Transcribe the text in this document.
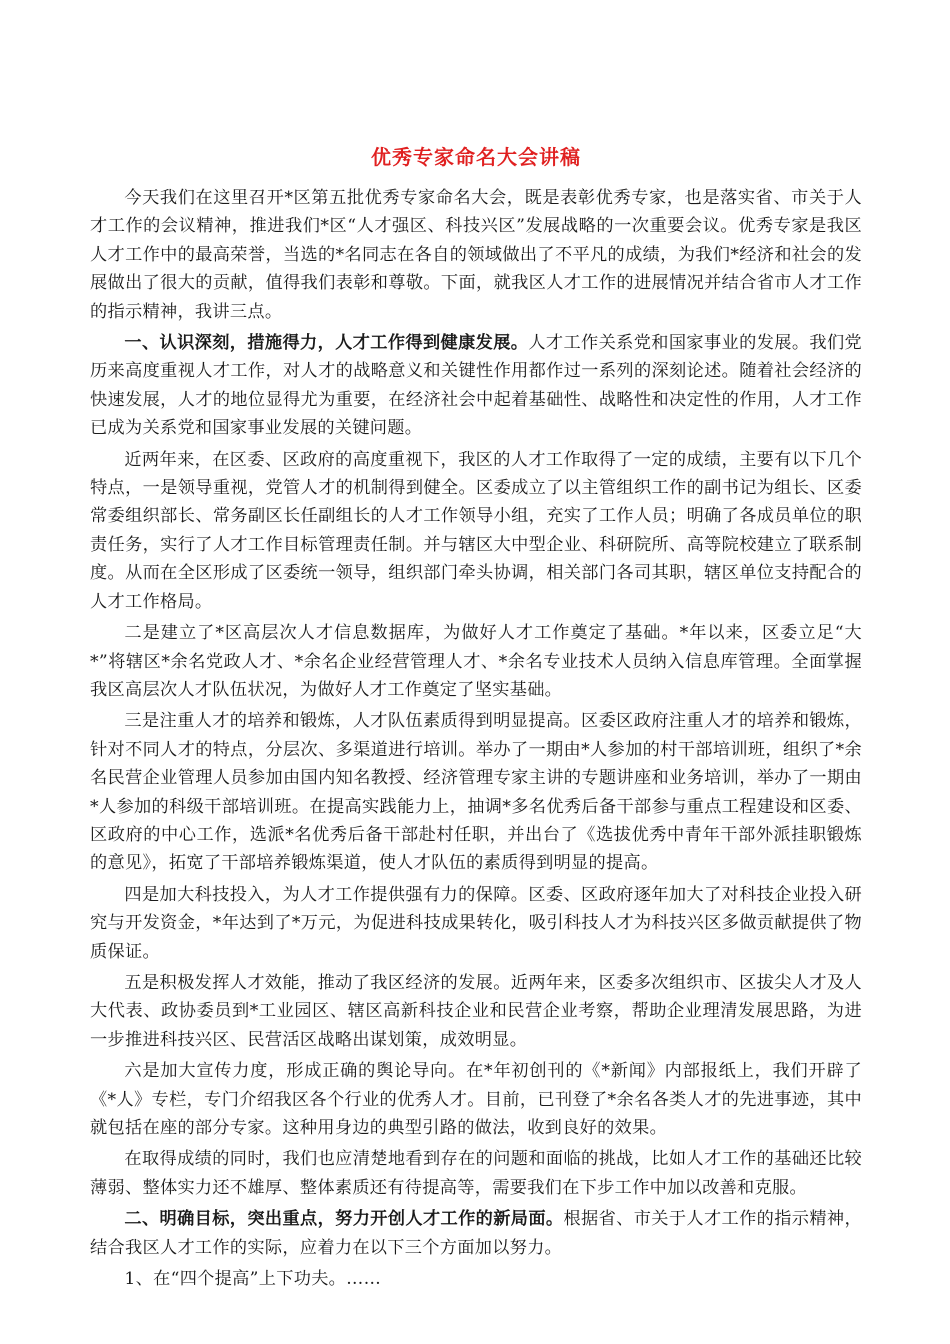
优秀专家命名大会讲稿

今天我们在这里召开*区第五批优秀专家命名大会，既是表彰优秀专家，也是落实省、市关于人才工作的会议精神，推进我们*区“人才强区、科技兴区”发展战略的一次重要会议。优秀专家是我区人才工作中的最高荣誉，当选的*名同志在各自的领域做出了不平凡的成绩，为我们*经济和社会的发展做出了很大的贡献，值得我们表彰和尊敬。下面，就我区人才工作的进展情况并结合省市人才工作的指示精神，我讲三点。

一、认识深刻，措施得力，人才工作得到健康发展。人才工作关系党和国家事业的发展。我们党历来高度重视人才工作，对人才的战略意义和关键性作用都作过一系列的深刻论述。随着社会经济的快速发展，人才的地位显得尤为重要，在经济社会中起着基础性、战略性和决定性的作用，人才工作已成为关系党和国家事业发展的关键问题。

近两年来，在区委、区政府的高度重视下，我区的人才工作取得了一定的成绩，主要有以下几个特点，一是领导重视，党管人才的机制得到健全。区委成立了以主管组织工作的副书记为组长、区委常委组织部长、常务副区长任副组长的人才工作领导小组，充实了工作人员；明确了各成员单位的职责任务，实行了人才工作目标管理责任制。并与辖区大中型企业、科研院所、高等院校建立了联系制度。从而在全区形成了区委统一领导，组织部门牵头协调，相关部门各司其职，辖区单位支持配合的人才工作格局。

二是建立了*区高层次人才信息数据库，为做好人才工作奠定了基础。*年以来，区委立足“大*”将辖区*余名党政人才、*余名企业经营管理人才、*余名专业技术人员纳入信息库管理。全面掌握我区高层次人才队伍状况，为做好人才工作奠定了坚实基础。

三是注重人才的培养和锻炼，人才队伍素质得到明显提高。区委区政府注重人才的培养和锻炼，针对不同人才的特点，分层次、多渠道进行培训。举办了一期由*人参加的村干部培训班，组织了*余名民营企业管理人员参加由国内知名教授、经济管理专家主讲的专题讲座和业务培训，举办了一期由*人参加的科级干部培训班。在提高实践能力上，抽调*多名优秀后备干部参与重点工程建设和区委、区政府的中心工作，选派*名优秀后备干部赴村任职，并出台了《选拔优秀中青年干部外派挂职锻炼的意见》，拓宽了干部培养锻炼渠道，使人才队伍的素质得到明显的提高。

四是加大科技投入，为人才工作提供强有力的保障。区委、区政府逐年加大了对科技企业投入研究与开发资金，*年达到了*万元，为促进科技成果转化，吸引科技人才为科技兴区多做贡献提供了物质保证。

五是积极发挥人才效能，推动了我区经济的发展。近两年来，区委多次组织市、区拔尖人才及人大代表、政协委员到*工业园区、辖区高新科技企业和民营企业考察，帮助企业理清发展思路，为进一步推进科技兴区、民营活区战略出谋划策，成效明显。

六是加大宣传力度，形成正确的舆论导向。在*年初创刊的《*新闻》内部报纸上，我们开辟了《*人》专栏，专门介绍我区各个行业的优秀人才。目前，已刊登了*余名各类人才的先进事迹，其中就包括在座的部分专家。这种用身边的典型引路的做法，收到良好的效果。

在取得成绩的同时，我们也应清楚地看到存在的问题和面临的挑战，比如人才工作的基础还比较薄弱、整体实力还不雄厚、整体素质还有待提高等，需要我们在下步工作中加以改善和克服。

二、明确目标，突出重点，努力开创人才工作的新局面。根据省、市关于人才工作的指示精神，结合我区人才工作的实际，应着力在以下三个方面加以努力。

1、在“四个提高”上下功夫。……
